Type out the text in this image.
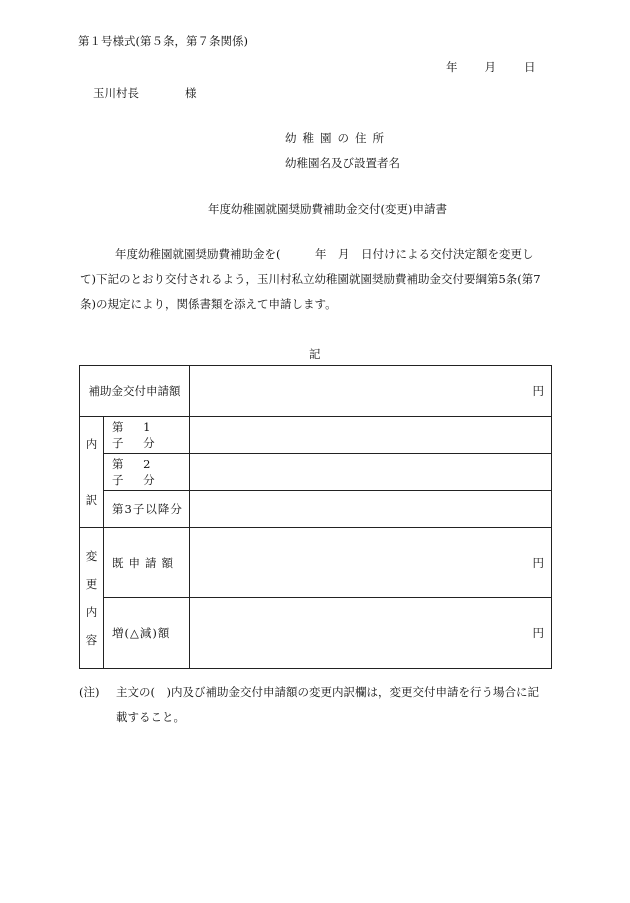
第１号様式(第５条，第７条関係)
年 月 日
玉川村長	様
幼稚園の住所
幼稚園名及び設置者名
年度幼稚園就園奨励費補助金交付(変更)申請書

年度幼稚園就園奨励費補助金を(　　　年　月　日付けによる交付決定額を変更し

て)下記のとおり交付されるよう，玉川村私立幼稚園就園奨励費補助金交付要綱第5条(第7

条)の規定により，関係書類を添えて申請します。

記
補助金交付申請額		円

内
訳	第 1 子 分	
	第 2 子 分	
	第3子以降分	

変
更
内
容	既申請額	円
	増(△減)額	円
(注)	主文の(　)内及び補助金交付申請額の変更内訳欄は，変更交付申請を行う場合に記
載すること。
